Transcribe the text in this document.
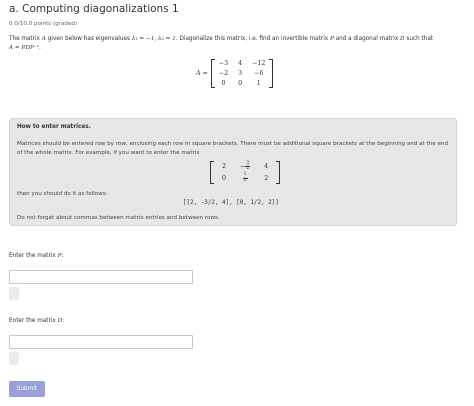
a. Computing diagonalizations 1
0.0/10.0 points (graded)
The matrix A given below has eigenvalues λ₁ = −1, λ₂ = 1. Diagonalize this matrix, i.e. find an invertible matrix P and a diagonal matrix D such that
A = PDP⁻¹.
A =
−3	4	−12
−2	3	−6
0	0	1
How to enter matrices.
Matrices should be entered row by row, enclosing each row in square brackets. There must be additional square brackets at the beginning and at the end of the whole matrix. For example, if you want to enter the matrix
2	− $\frac{3}{2}$	4
0	$\frac{1}{2}$	2
then you should do it as follows:
[[2, -3/2, 4], [0, 1/2, 2]]
Do not forget about commas between matrix entries and between rows.
Enter the matrix P:
Enter the matrix D:
Submit
